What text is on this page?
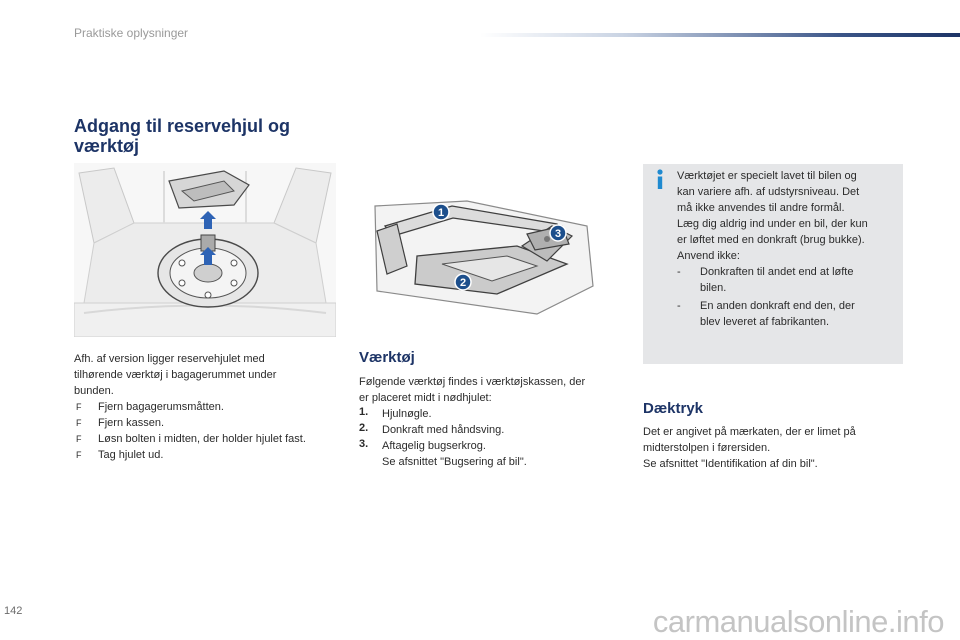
Praktiske oplysninger
Adgang til reservehjul og
værktøj
1
2
3
Afh. af version ligger reservehjulet med
tilhørende værktøj i bagagerummet under
bunden.
F Fjern bagagerumsmåtten.
F Fjern kassen.
F Løsn bolten i midten, der holder hjulet fast.
F Tag hjulet ud.
Værktøj
Følgende værktøj findes i værktøjskassen, der
er placeret midt i nødhjulet:
1. Hjulnøgle.
2. Donkraft med håndsving.
3. Aftagelig bugserkrog.
Se afsnittet "Bugsering af bil".
Værktøjet er specielt lavet til bilen og
kan variere afh. af udstyrsniveau. Det
må ikke anvendes til andre formål.
Læg dig aldrig ind under en bil, der kun
er løftet med en donkraft (brug bukke).
Anvend ikke:
- Donkraften til andet end at løfte
bilen.
- En anden donkraft end den, der
blev leveret af fabrikanten.
Dæktryk
Det er angivet på mærkaten, der er limet på
midterstolpen i førersiden.
Se afsnittet "Identifikation af din bil".
142	carmanualsonline.info
